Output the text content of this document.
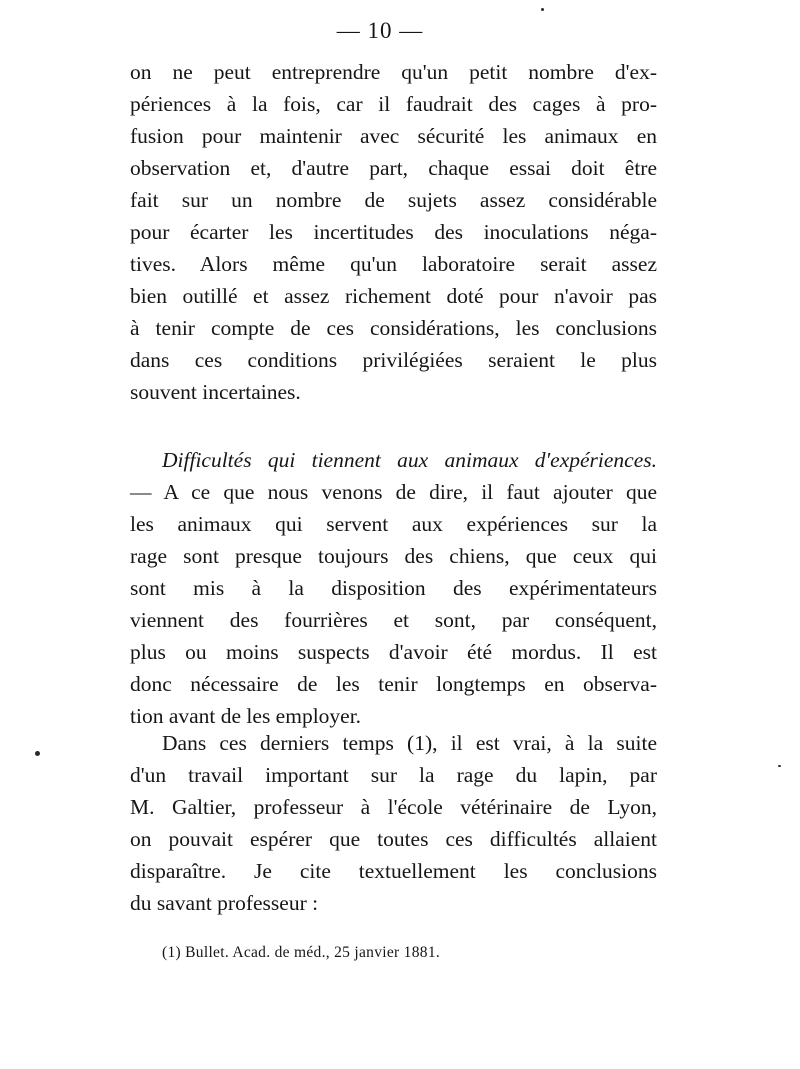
— 10 —
on ne peut entreprendre qu'un petit nombre d'ex-
périences à la fois, car il faudrait des cages à pro-
fusion pour maintenir avec sécurité les animaux en
observation et, d'autre part, chaque essai doit être
fait sur un nombre de sujets assez considérable
pour écarter les incertitudes des inoculations néga-
tives. Alors même qu'un laboratoire serait assez
bien outillé et assez richement doté pour n'avoir pas
à tenir compte de ces considérations, les conclusions
dans ces conditions privilégiées seraient le plus
souvent incertaines.
Difficultés qui tiennent aux animaux d'expériences.
— A ce que nous venons de dire, il faut ajouter que
les animaux qui servent aux expériences sur la
rage sont presque toujours des chiens, que ceux qui
sont mis à la disposition des expérimentateurs
viennent des fourrières et sont, par conséquent,
plus ou moins suspects d'avoir été mordus. Il est
donc nécessaire de les tenir longtemps en observa-
tion avant de les employer.
Dans ces derniers temps (1), il est vrai, à la suite
d'un travail important sur la rage du lapin, par
M. Galtier, professeur à l'école vétérinaire de Lyon,
on pouvait espérer que toutes ces difficultés allaient
disparaître. Je cite textuellement les conclusions
du savant professeur :
(1) Bullet. Acad. de méd., 25 janvier 1881.
